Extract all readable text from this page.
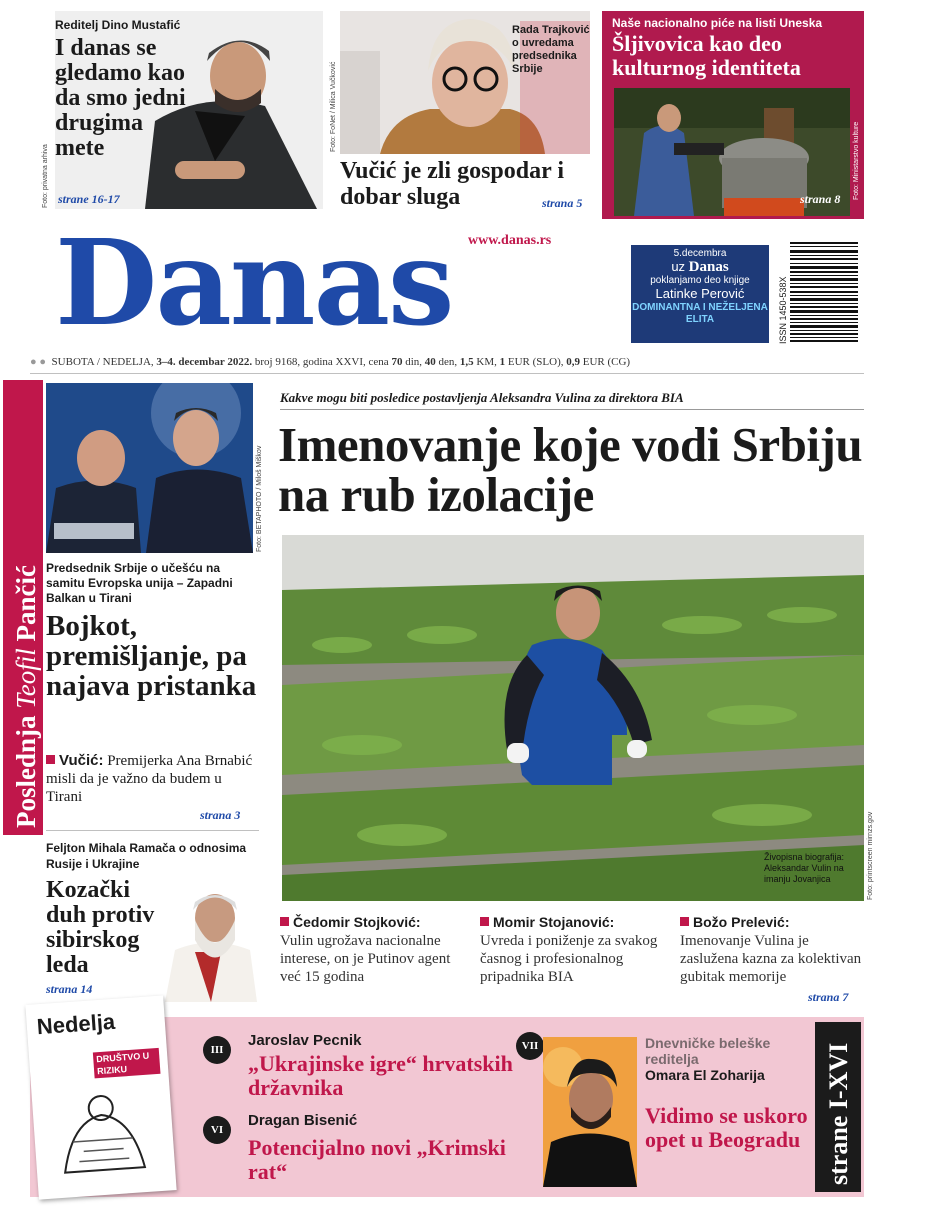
Foto: privatna arhiva
Reditelj Dino Mustafić
I danas se gledamo kao da smo jedni drugima mete
strane 16-17
Foto: FoNet / Milica Vučković
Rada Trajković o uvredama predsednika Srbije
Vučić je zli gospodar i dobar sluga	strana 5
Naše nacionalno piće na listi Uneska
Šljivovica kao deo kulturnog identiteta
strana 8 Foto: Ministarstvo kulture
Danas www.danas.rs
5.decembra
uz Danas
poklanjamo deo knjige
Latinke Perović
DOMINANTNA I NEŽELJENA ELITA	ISSN 1450-538X
● ●  SUBOTA / NEDELJA, 3–4. decembar 2022. broj 9168, godina XXVI, cena 70 din, 40 den, 1,5 KM, 1 EUR (SLO), 0,9 EUR (CG)
Poslednja Teofil Pančić
Foto: BETAPHOTO / Miloš Miškov
Predsednik Srbije o učešću na samitu Evropska unija – Zapadni Balkan u Tirani
Bojkot, premišljanje, pa najava pristanka
Vučić: Premijerka Ana Brnabić misli da je važno da budem u Tirani
strana 3
Feljton Mihala Ramača o odnosima Rusije i Ukrajine
Kozački duh protiv sibirskog leda
strana 14
Kakve mogu biti posledice postavljenja Aleksandra Vulina za direktora BIA
Imenovanje koje vodi Srbiju na rub izolacije
Živopisna biografija: Aleksandar Vulin na imanju Jovanjica	Foto: printscreen mirnzs.gov
Čedomir Stojković:
Vulin ugrožava nacionalne interese, on je Putinov agent već 15 godina
Momir Stojanović:
Uvreda i poniženje za svakog časnog i profesionalnog pripadnika BIA
Božo Prelević:
Imenovanje Vulina je zaslužena kazna za kolektivan gubitak memorije
strana 7
Nedelja
DRUŠTVO U RIZIKU
III
Jaroslav Pecnik
„Ukrajinske igre“ hrvatskih državnika
VI
Dragan Bisenić
Potencijalno novi „Krimski rat“
VII	Dnevničke beleške reditelja
Omara El Zoharija
Vidimo se uskoro opet u Beogradu strane I-XVI
